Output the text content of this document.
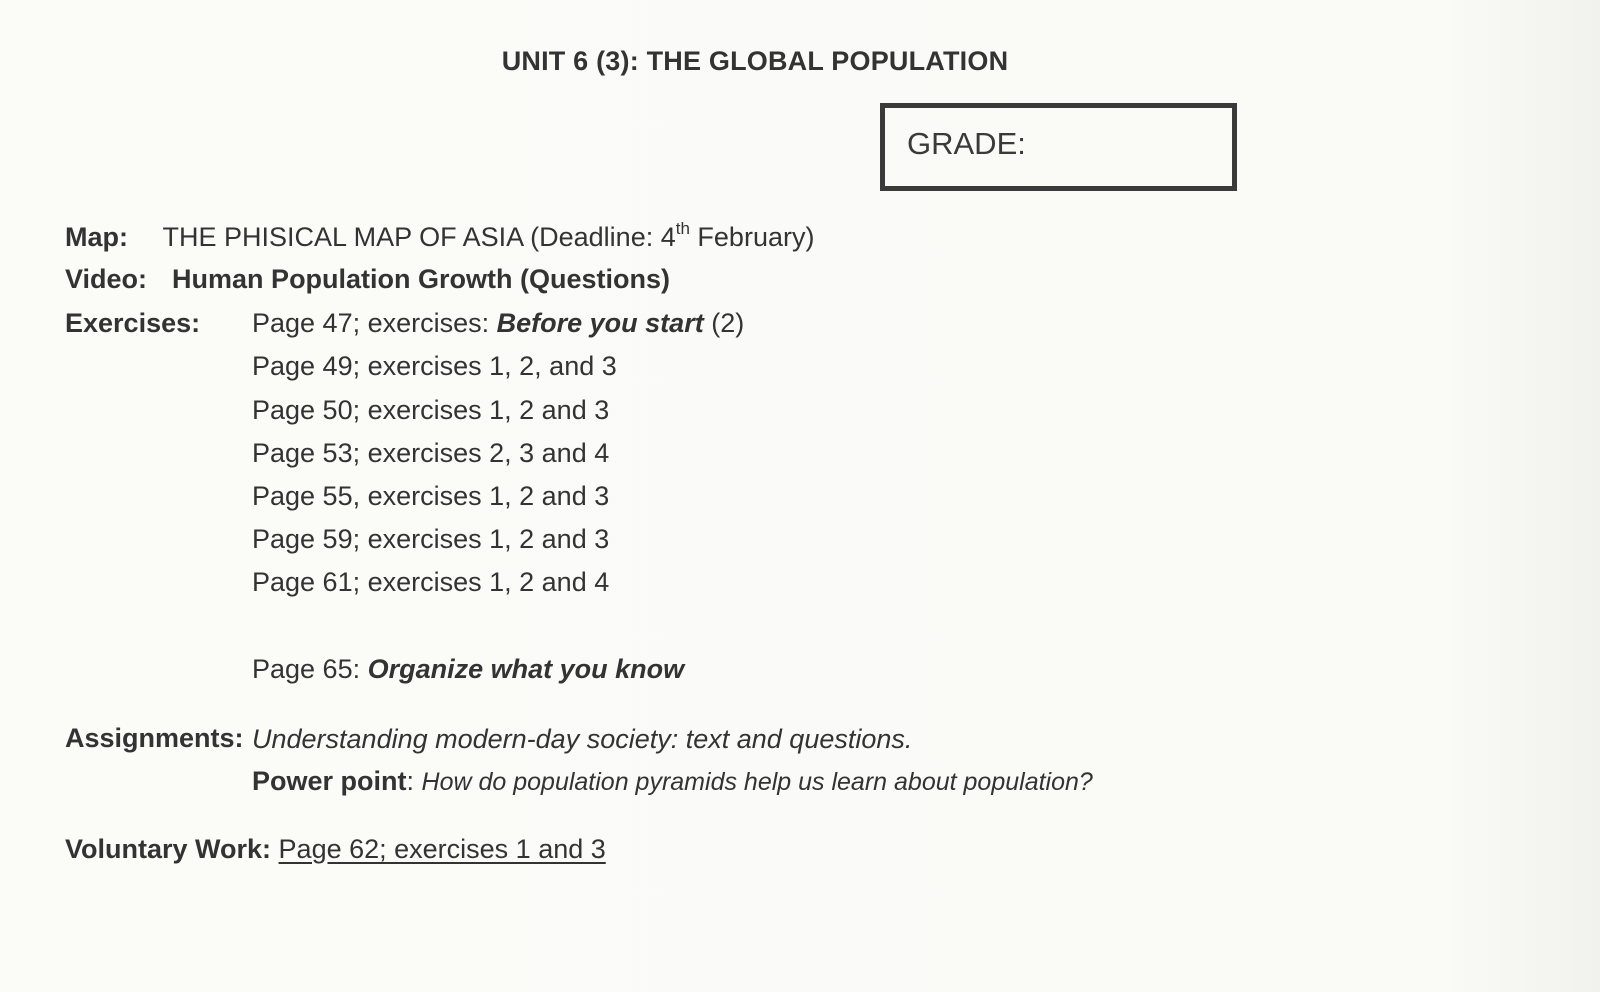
UNIT 6 (3): THE GLOBAL POPULATION
GRADE:
Map: THE PHISICAL MAP OF ASIA (Deadline: 4th February)
Video: Human Population Growth (Questions)
Exercises: Page 47; exercises: Before you start (2)
Page 49; exercises 1, 2, and 3
Page 50; exercises 1, 2 and 3
Page 53; exercises 2, 3 and 4
Page 55, exercises 1, 2 and 3
Page 59; exercises 1, 2 and 3
Page 61; exercises 1, 2 and 4
Page 65: Organize what you know
Assignments: Understanding modern-day society: text and questions.
Power point: How do population pyramids help us learn about population?
Voluntary Work: Page 62; exercises 1 and 3
